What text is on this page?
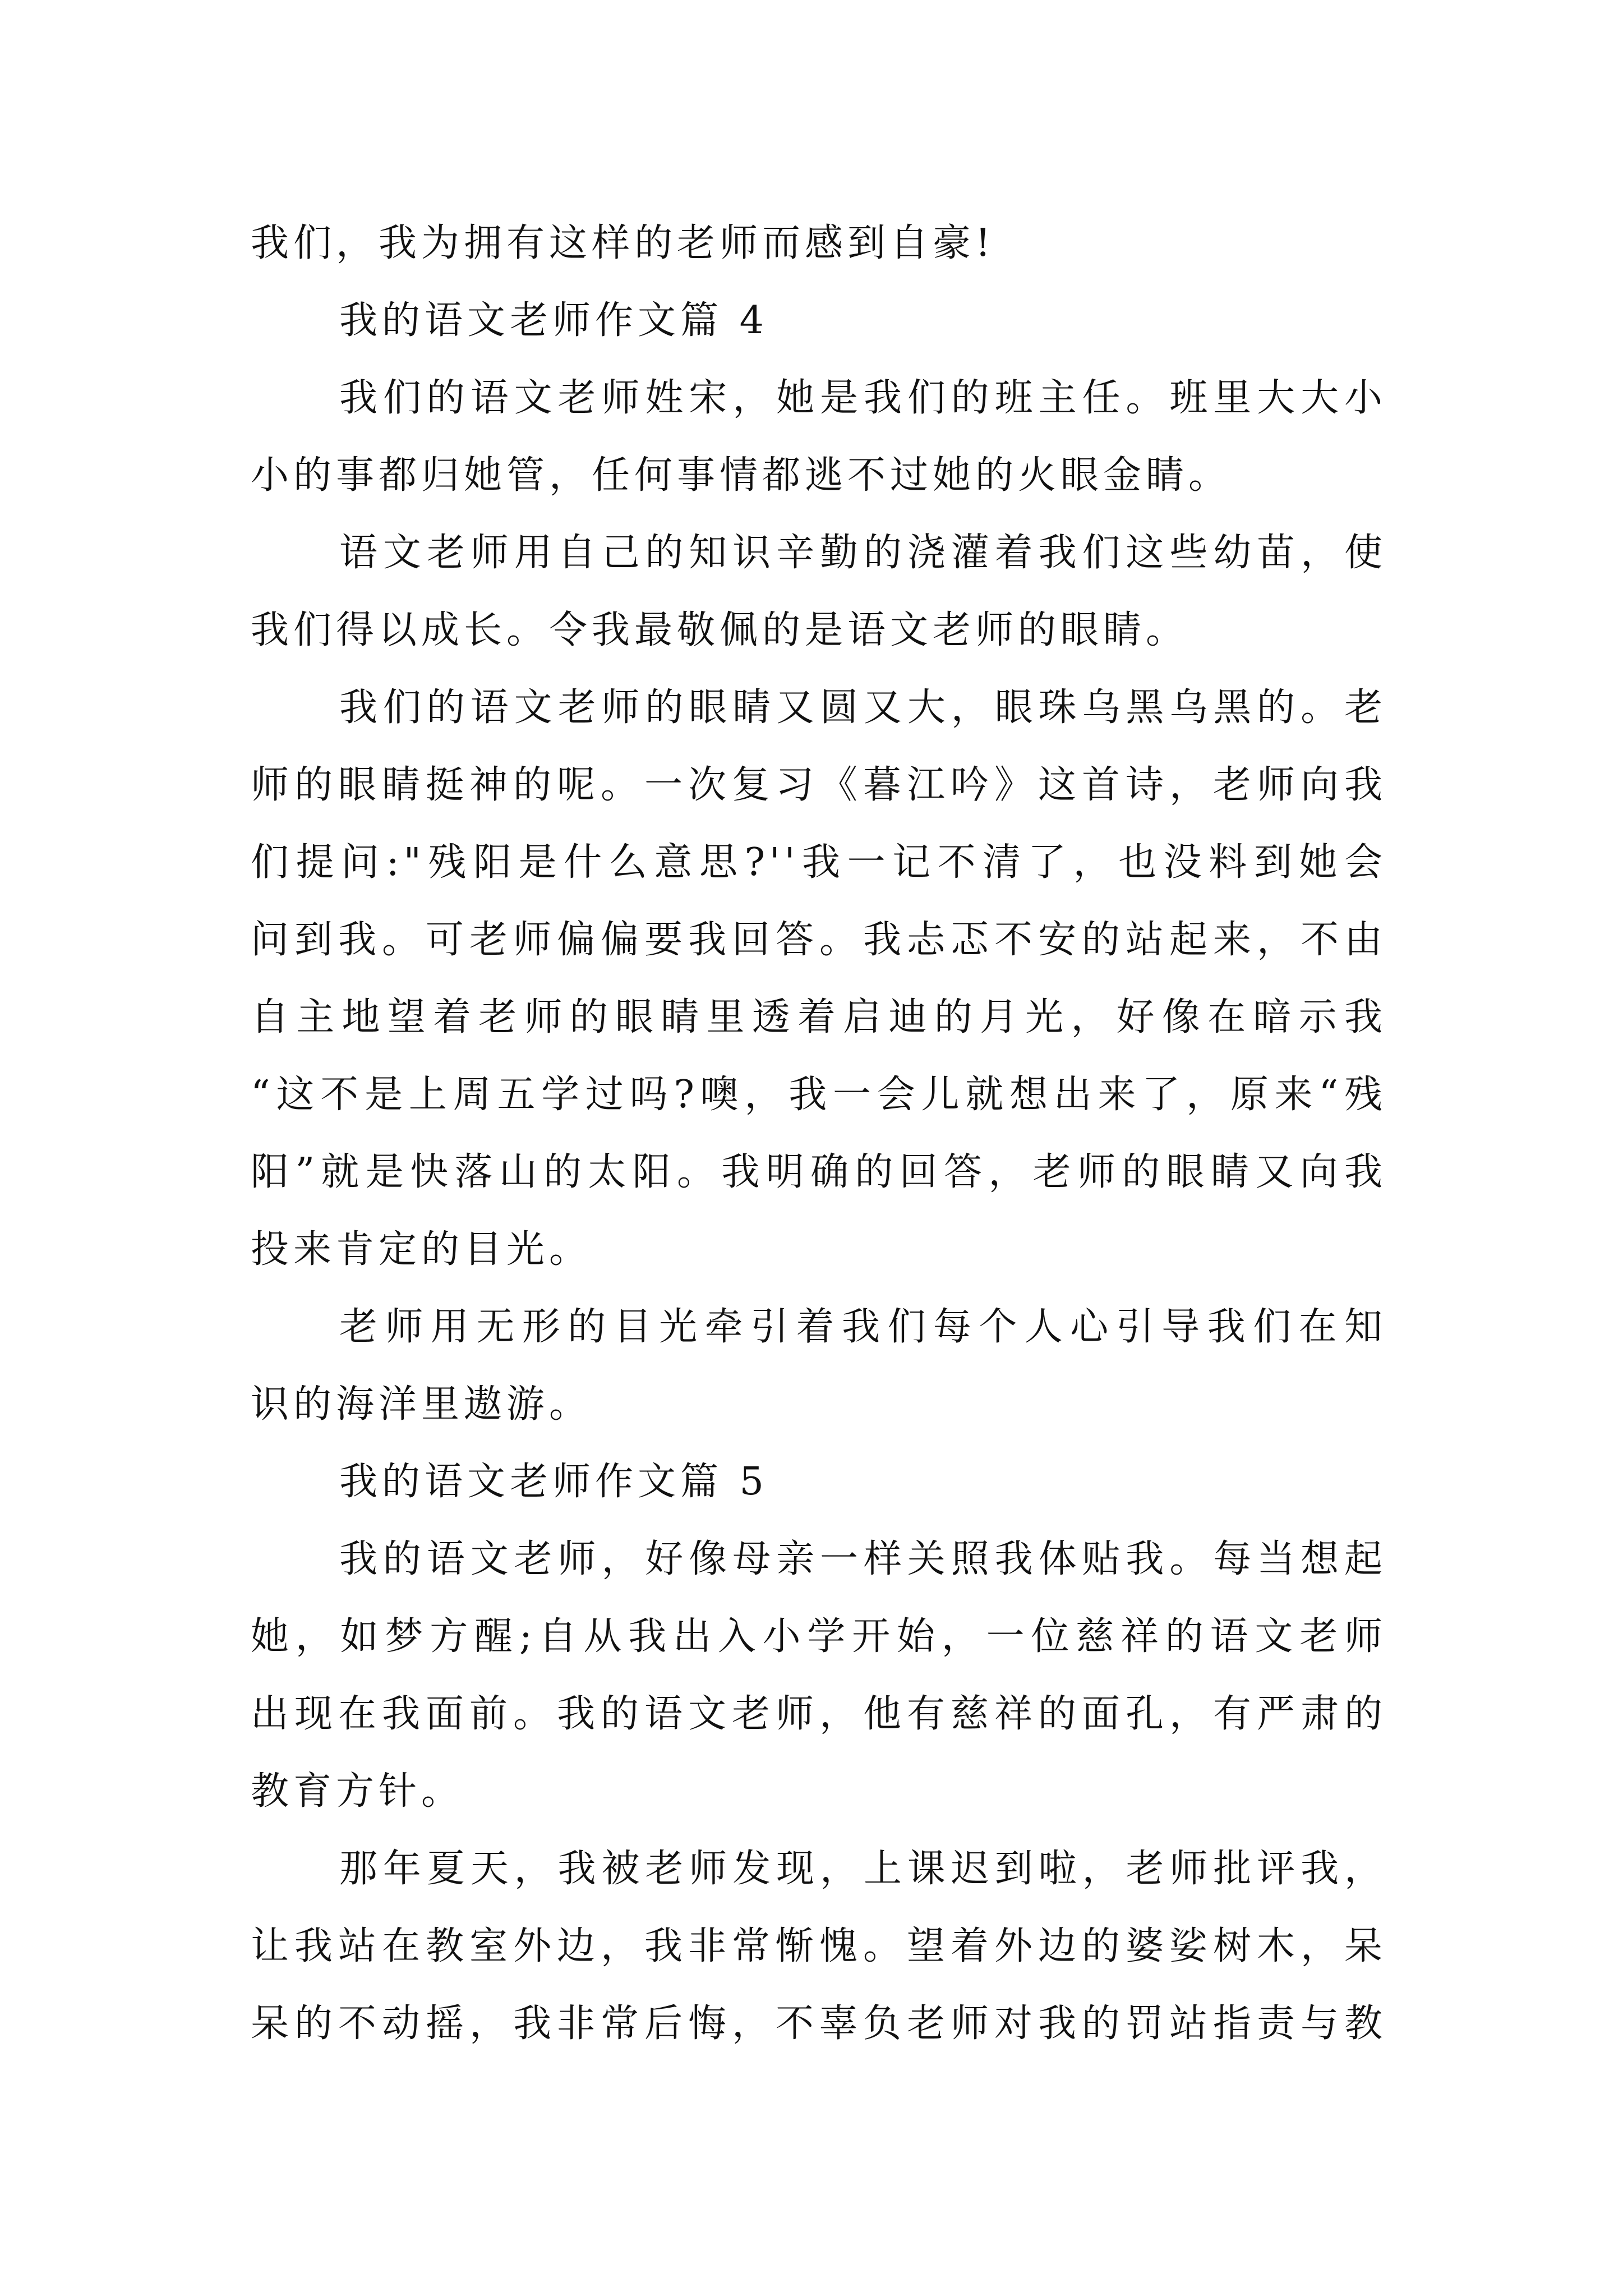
我们，我为拥有这样的老师而感到自豪!
我的语文老师作文篇 4
我们的语文老师姓宋，她是我们的班主任。班里大大小
小的事都归她管，任何事情都逃不过她的火眼金睛。
语文老师用自己的知识辛勤的浇灌着我们这些幼苗，使
我们得以成长。令我最敬佩的是语文老师的眼睛。
我们的语文老师的眼睛又圆又大，眼珠乌黑乌黑的。老
师的眼睛挺神的呢。一次复习《暮江吟》这首诗，老师向我
们提问:"残阳是什么意思?''我一记不清了，也没料到她会
问到我。可老师偏偏要我回答。我忐忑不安的站起来，不由
自主地望着老师的眼睛里透着启迪的月光，好像在暗示我
“这不是上周五学过吗?噢，我一会儿就想出来了，原来“残
阳”就是快落山的太阳。我明确的回答，老师的眼睛又向我
投来肯定的目光。
老师用无形的目光牵引着我们每个人心引导我们在知
识的海洋里遨游。
我的语文老师作文篇 5
我的语文老师，好像母亲一样关照我体贴我。每当想起
她，如梦方醒;自从我出入小学开始，一位慈祥的语文老师
出现在我面前。我的语文老师，他有慈祥的面孔，有严肃的
教育方针。
那年夏天，我被老师发现，上课迟到啦，老师批评我，
让我站在教室外边，我非常惭愧。望着外边的婆娑树木，呆
呆的不动摇，我非常后悔，不辜负老师对我的罚站指责与教
